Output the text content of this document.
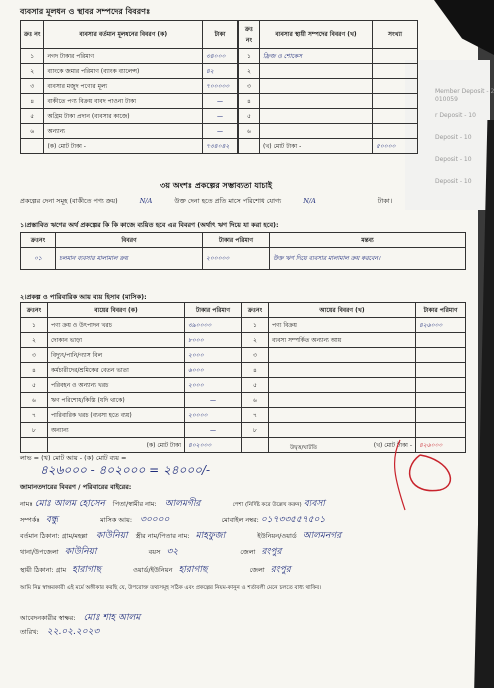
Member Deposit - 2
010059
r Deposit - 10
Deposit - 10
Deposit - 10
Deposit - 10
ব্যবসার মূলধন ও স্থাবর সম্পদের বিবরণঃ
ক্রঃ নং	ব্যবসার বর্তমান মূলধনের বিবরণ (ক)	টাকা
১	নগদ টাকার পরিমাণ	৩৪০০০
২	ব্যাংকে জমার পরিমাণ (ব্যাংক ব্যালেন্স)	৪২
৩	ব্যবসার মজুদ পণ্যের মূল্য	৭০০০০০
৪	বাকীতে পণ্য বিক্রয় বাবদ পাওনা টাকা	—
৫	অগ্রিম টাকা প্রদান (ব্যবসার কাজে)	—
৬	অন্যান্য	—
	(ক) মোট টাকা -	৭৩৪০৪২
ক্রঃ নং	ব্যবসার স্থায়ী সম্পদের বিবরণ (খ)	সংখ্যা
১	ফ্রিজ ও শোকেস	
২		
৩		
৪		
৫		
৬		
	(খ) মোট টাকা -	৫০০০০
৩য় অংশঃ প্রকল্পের সম্ভাব্যতা যাচাই
প্রকল্পের দেনা সমূহ (বাকীতে পণ্য ক্রয়)	N/A	উক্ত দেনা হতে প্রতি মাসে পরিশোধ যোগ্য	N/A	টাকা।
১।প্রস্তাবিত ঋণের অর্থ প্রকল্পের কি কি কাজে ব্যয়িত হবে এর বিবরণ (অর্থাৎ ঋণ দিয়ে যা করা হবে):
ক্রঃনং	বিবরণ	টাকার পরিমাণ	মন্তব্য
০১	চলমান ব্যবসার মালামাল ক্রয়	২০০০০০	উক্ত ঋণ দিয়ে ব্যবসার মালামাল ক্রয় করবেন।
২।প্রকল্প ও পারিবারিক আয় ব্যয় হিসাব (মাসিক):
ক্রঃনং	ব্যয়ের বিবরণ (ক)	টাকার পরিমাণ	ক্রঃনং	আয়ের বিবরণ (খ)	টাকার পরিমাণ
১	পণ্য ক্রয় ও উৎপাদন খরচ	৩৯০০০০	১	পণ্য বিক্রয়	৪২৬০০০
২	দোকান ভাড়া	৮০০০	২	ব্যবসা সম্পর্কিত অন্যান্য আয়	
৩	বিদ্যুৎ/পানি/গ্যাস বিল	২০০০	৩		
৪	কর্মচারীদের/শ্রমিকের বেতন ভাতা	৬০০০	৪		
৫	পরিবহন ও অন্যান্য খরচ	২০০০	৫		
৬	ঋণ পরিশোধ/কিস্তি (যদি থাকে)	—	৬		
৭	পারিবারিক খরচ (ব্যবসা হতে ব্যয়)	২০০০০	৭		
৮	অন্যান্য	—	৮		
	(ক) মোট টাকা	৪০২০০০		(খ) মোট টাকা -	৪২৬০০০
লাভ = (খ) মোট আয় - (ক) মোট ব্যয় =
উদ্বৃত্ত/ঘাটতি
৪২৬০০০ - ৪০২০০০ = ২৪০০০/-
জামানতদারের বিবরণ / পরিবারের বাইরের:
নামঃ মোঃ আলম হোসেন পিতা/স্বামীর নাম: আলমগীর	পেশা (নির্দিষ্ট করে উল্লেখ করুন) ব্যবসা
সম্পর্কঃ বন্ধু	মাসিক আয়: ৩০০০০	মোবাইল নম্বর: ০১৭৩৩৫৫৭৫০১
বর্তমান ঠিকানা: গ্রাম/মহল্লা কাউনিয়া স্ত্রীর নাম/পিতার নাম: মাহফুজা	ইউনিয়ন/ওয়ার্ড আলমনগর
থানা/উপজেলা কাউনিয়া	বয়স ৩২	জেলা রংপুর
স্থায়ী ঠিকানা: গ্রাম হারাগাছ	ওয়ার্ড/ইউনিয়ন হারাগাছ	জেলা রংপুর
আমি নিম্ন স্বাক্ষরকারী এই মর্মে অঙ্গীকার করছি যে, উপরোক্ত তথ্যসমূহ সঠিক এবং প্রকল্পের নিয়ম-কানুন ও শর্তাবলী মেনে চলতে বাধ্য থাকিব।
আবেদনকারীর স্বাক্ষর: মোঃ শাহ আলম
তারিখ: ২২.০২.২০২৩
